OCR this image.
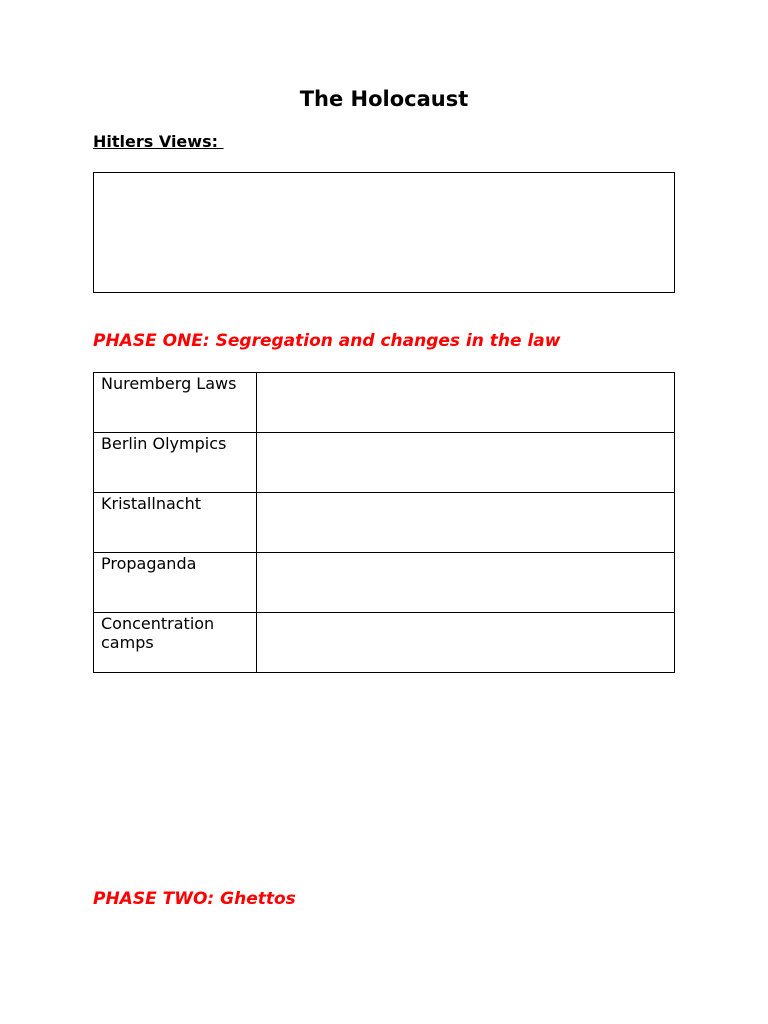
The Holocaust

Hitlers Views:

PHASE ONE: Segregation and changes in the law

Nuremberg Laws	
Berlin Olympics	
Kristallnacht	
Propaganda	
Concentration camps	

PHASE TWO: Ghettos
